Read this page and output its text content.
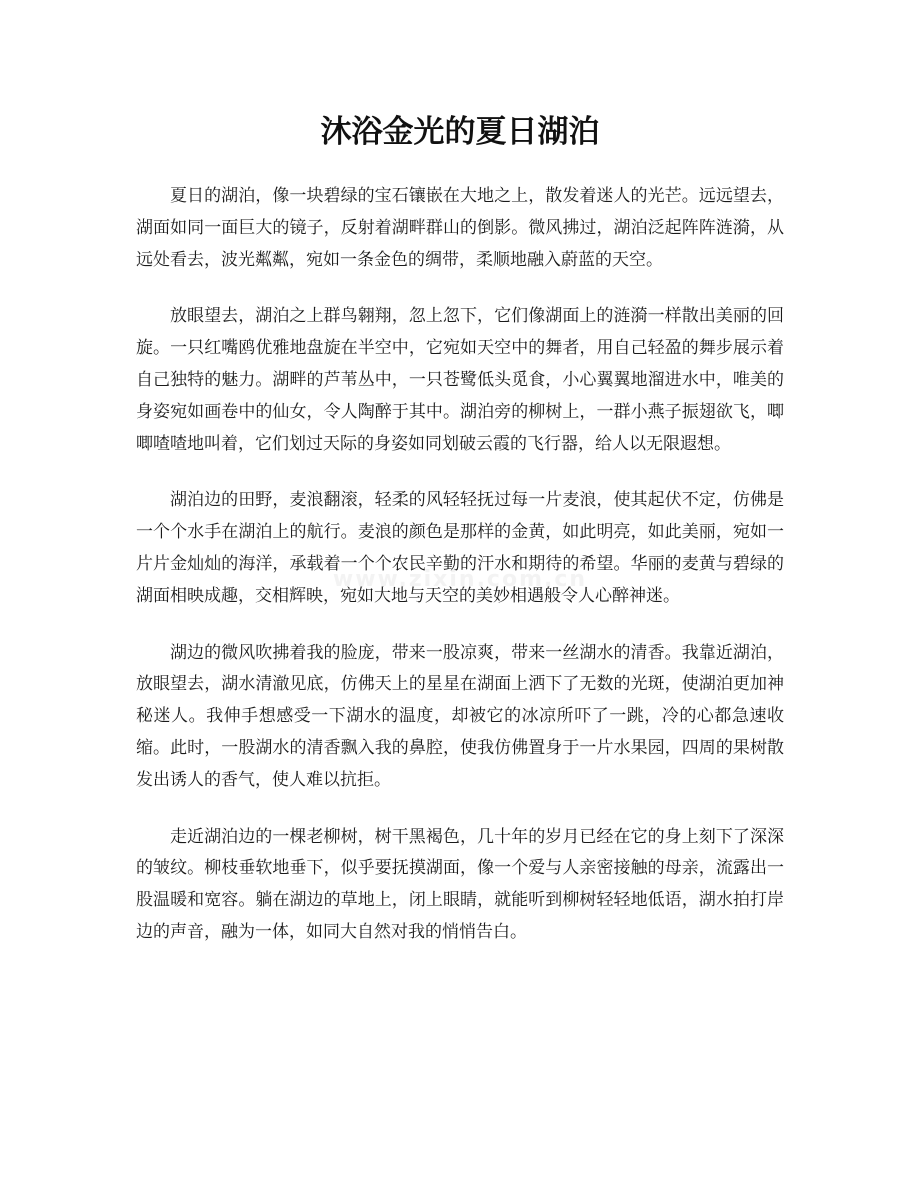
沐浴金光的夏日湖泊
www.zixin.com.cn

夏日的湖泊，像一块碧绿的宝石镶嵌在大地之上，散发着迷人的光芒。远远望去，湖面如同一面巨大的镜子，反射着湖畔群山的倒影。微风拂过，湖泊泛起阵阵涟漪，从远处看去，波光粼粼，宛如一条金色的绸带，柔顺地融入蔚蓝的天空。

放眼望去，湖泊之上群鸟翱翔，忽上忽下，它们像湖面上的涟漪一样散出美丽的回旋。一只红嘴鸥优雅地盘旋在半空中，它宛如天空中的舞者，用自己轻盈的舞步展示着自己独特的魅力。湖畔的芦苇丛中，一只苍鹭低头觅食，小心翼翼地溜进水中，唯美的身姿宛如画卷中的仙女，令人陶醉于其中。湖泊旁的柳树上，一群小燕子振翅欲飞，唧唧喳喳地叫着，它们划过天际的身姿如同划破云霞的飞行器，给人以无限遐想。

湖泊边的田野，麦浪翻滚，轻柔的风轻轻抚过每一片麦浪，使其起伏不定，仿佛是一个个水手在湖泊上的航行。麦浪的颜色是那样的金黄，如此明亮，如此美丽，宛如一片片金灿灿的海洋，承载着一个个农民辛勤的汗水和期待的希望。华丽的麦黄与碧绿的湖面相映成趣，交相辉映，宛如大地与天空的美妙相遇般令人心醉神迷。

湖边的微风吹拂着我的脸庞，带来一股凉爽，带来一丝湖水的清香。我靠近湖泊，放眼望去，湖水清澈见底，仿佛天上的星星在湖面上洒下了无数的光斑，使湖泊更加神秘迷人。我伸手想感受一下湖水的温度，却被它的冰凉所吓了一跳，冷的心都急速收缩。此时，一股湖水的清香飘入我的鼻腔，使我仿佛置身于一片水果园，四周的果树散发出诱人的香气，使人难以抗拒。

走近湖泊边的一棵老柳树，树干黑褐色，几十年的岁月已经在它的身上刻下了深深的皱纹。柳枝垂软地垂下，似乎要抚摸湖面，像一个爱与人亲密接触的母亲，流露出一股温暖和宽容。躺在湖边的草地上，闭上眼睛，就能听到柳树轻轻地低语，湖水拍打岸边的声音，融为一体，如同大自然对我的悄悄告白。
